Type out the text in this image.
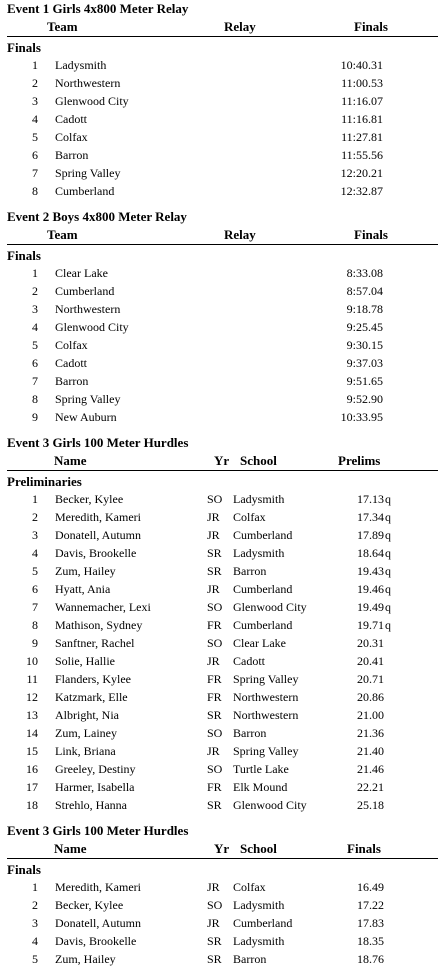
Event 1 Girls 4x800 Meter Relay
Team	Relay	Finals
Finals
1 Ladysmith	10:40.31
2 Northwestern	11:00.53
3 Glenwood City	11:16.07
4 Cadott	11:16.81
5 Colfax	11:27.81
6 Barron	11:55.56
7 Spring Valley	12:20.21
8 Cumberland	12:32.87
Event 2 Boys 4x800 Meter Relay
Team	Relay	Finals
Finals
1 Clear Lake	8:33.08
2 Cumberland	8:57.04
3 Northwestern	9:18.78
4 Glenwood City	9:25.45
5 Colfax	9:30.15
6 Cadott	9:37.03
7 Barron	9:51.65
8 Spring Valley	9:52.90
9 New Auburn	10:33.95
Event 3 Girls 100 Meter Hurdles
Name	Yr School	Prelims
Preliminaries
1 Becker, Kylee	SO Ladysmith	17.13 q
2 Meredith, Kameri	JR Colfax	17.34 q
3 Donatell, Autumn	JR Cumberland	17.89 q
4 Davis, Brookelle	SR Ladysmith	18.64 q
5 Zum, Hailey	SR Barron	19.43 q
6 Hyatt, Ania	JR Cumberland	19.46 q
7 Wannemacher, Lexi	SO Glenwood City	19.49 q
8 Mathison, Sydney	FR Cumberland	19.71 q
9 Sanftner, Rachel	SO Clear Lake	20.31
10 Solie, Hallie	JR Cadott	20.41
11 Flanders, Kylee	FR Spring Valley	20.71
12 Katzmark, Elle	FR Northwestern	20.86
13 Albright, Nia	SR Northwestern	21.00
14 Zum, Lainey	SO Barron	21.36
15 Link, Briana	JR Spring Valley	21.40
16 Greeley, Destiny	SO Turtle Lake	21.46
17 Harmer, Isabella	FR Elk Mound	22.21
18 Strehlo, Hanna	SR Glenwood City	25.18
Event 3 Girls 100 Meter Hurdles
Name	Yr School	Finals
Finals
1 Meredith, Kameri	JR Colfax	16.49
2 Becker, Kylee	SO Ladysmith	17.22
3 Donatell, Autumn	JR Cumberland	17.83
4 Davis, Brookelle	SR Ladysmith	18.35
5 Zum, Hailey	SR Barron	18.76
